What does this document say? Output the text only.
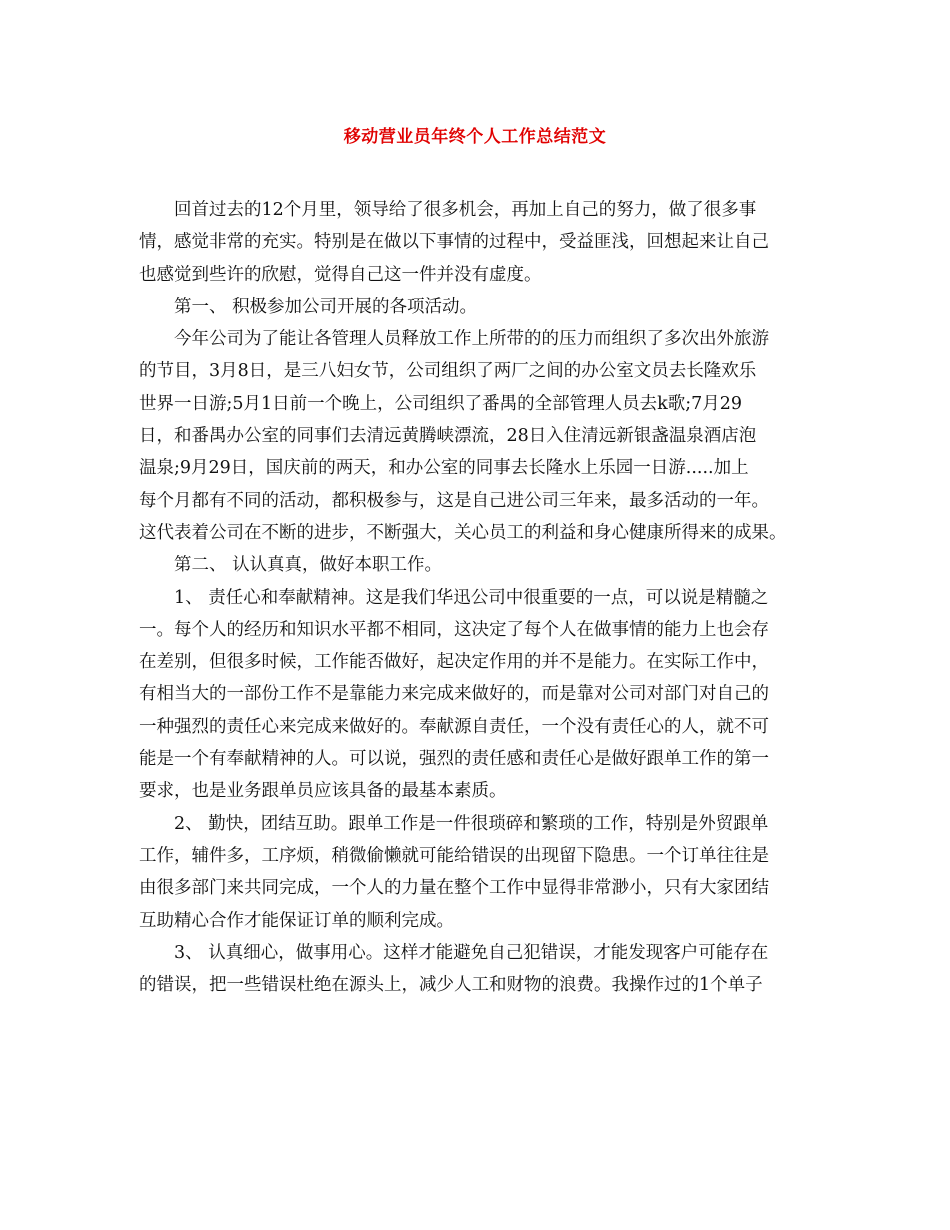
移动营业员年终个人工作总结范文
回首过去的12个月里，领导给了很多机会，再加上自己的努力，做了很多事
情，感觉非常的充实。特别是在做以下事情的过程中，受益匪浅，回想起来让自己
也感觉到些许的欣慰，觉得自己这一件并没有虚度。
第一、 积极参加公司开展的各项活动。
今年公司为了能让各管理人员释放工作上所带的的压力而组织了多次出外旅游
的节目，3月8日，是三八妇女节，公司组织了两厂之间的办公室文员去长隆欢乐
世界一日游;5月1日前一个晚上，公司组织了番禺的全部管理人员去k歌;7月29
日，和番禺办公室的同事们去清远黄腾峡漂流，28日入住清远新银盏温泉酒店泡
温泉;9月29日，国庆前的两天，和办公室的同事去长隆水上乐园一日游.....加上
每个月都有不同的活动，都积极参与，这是自己进公司三年来，最多活动的一年。
这代表着公司在不断的进步，不断强大，关心员工的利益和身心健康所得来的成果。
第二、 认认真真，做好本职工作。
1、 责任心和奉献精神。这是我们华迅公司中很重要的一点，可以说是精髓之
一。每个人的经历和知识水平都不相同，这决定了每个人在做事情的能力上也会存
在差别，但很多时候，工作能否做好，起决定作用的并不是能力。在实际工作中，
有相当大的一部份工作不是靠能力来完成来做好的，而是靠对公司对部门对自己的
一种强烈的责任心来完成来做好的。奉献源自责任，一个没有责任心的人，就不可
能是一个有奉献精神的人。可以说，强烈的责任感和责任心是做好跟单工作的第一
要求，也是业务跟单员应该具备的最基本素质。
2、 勤快，团结互助。跟单工作是一件很琐碎和繁琐的工作，特别是外贸跟单
工作，辅件多，工序烦，稍微偷懒就可能给错误的出现留下隐患。一个订单往往是
由很多部门来共同完成，一个人的力量在整个工作中显得非常渺小，只有大家团结
互助精心合作才能保证订单的顺利完成。
3、 认真细心，做事用心。这样才能避免自己犯错误，才能发现客户可能存在
的错误，把一些错误杜绝在源头上，减少人工和财物的浪费。我操作过的1个单子
